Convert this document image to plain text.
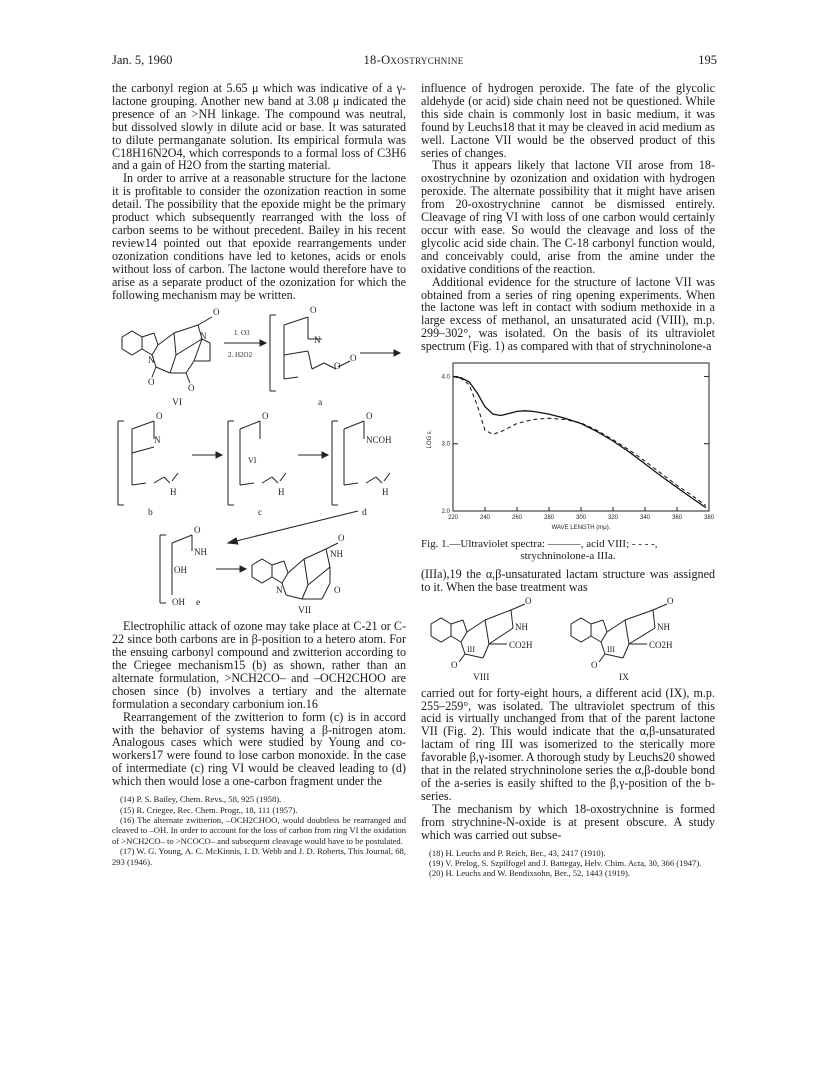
Jan. 5, 1960	18-Oxostrychnine	195

the carbonyl region at 5.65 μ which was indicative of a γ-lactone grouping. Another new band at 3.08 μ indicated the presence of an >NH linkage. The compound was neutral, but dissolved slowly in dilute acid or base. It was saturated to dilute permanganate solution. Its empirical formula was C18H16N2O4, which corresponds to a formal loss of C3H6 and a gain of H2O from the starting material.

In order to arrive at a reasonable structure for the lactone it is profitable to consider the ozonization reaction in some detail. The possibility that the epoxide might be the primary product which subsequently rearranged with the loss of carbon seems to be without precedent. Bailey in his recent review14 pointed out that epoxide rearrangements under ozonization conditions have led to ketones, acids or enols without loss of carbon. The lactone would therefore have to arise as a separate product of the ozonization for which the following mechanism may be written.

O
N
N
O
O
1. O3
2. H2O2
O
N
O
O
O
N
H
O
VI
H
O
NCOH
H
O
NH
OH
OH
O
NH
N	O
VI	a
b	c	d
e
VII

Electrophilic attack of ozone may take place at C-21 or C-22 since both carbons are in β-position to a hetero atom. For the ensuing carbonyl compound and zwitterion according to the Criegee mechanism15 (b) as shown, rather than an alternate formulation, >NCH2CO– and –OCH2CHOO are chosen since (b) involves a tertiary and the alternate formulation a secondary carbonium ion.16

Rearrangement of the zwitterion to form (c) is in accord with the behavior of systems having a β-nitrogen atom. Analogous cases which were studied by Young and co-workers17 were found to lose carbon monoxide. In the case of intermediate (c) ring VI would be cleaved leading to (d) which then would lose a one-carbon fragment under the

(14) P. S. Bailey, Chem. Revs., 58, 925 (1958).
(15) R. Criegee, Rec. Chem. Progr., 18, 111 (1957).
(16) The alternate zwitterion, –OCH2CHOO, would doubtless be rearranged and cleaved to –OH. In order to account for the loss of carbon from ring VI the oxidation of >NCH2CO– to >NCOCO– and subsequent cleavage would have to be postulated.
(17) W. G. Young, A. C. McKinnis, I. D. Webb and J. D. Roberts, This Journal, 68, 293 (1946).

influence of hydrogen peroxide. The fate of the glycolic aldehyde (or acid) side chain need not be questioned. While this side chain is commonly lost in basic medium, it was found by Leuchs18 that it may be cleaved in acid medium as well. Lactone VII would be the observed product of this series of changes.

Thus it appears likely that lactone VII arose from 18-oxostrychnine by ozonization and oxidation with hydrogen peroxide. The alternate possibility that it might have arisen from 20-oxostrychnine cannot be dismissed entirely. Cleavage of ring VI with loss of one carbon would certainly occur with ease. So would the cleavage and loss of the glycolic acid side chain. The C-18 carbonyl function would, and conceivably could, arise from the amine under the oxidative conditions of the reaction.

Additional evidence for the structure of lactone VII was obtained from a series of ring opening experiments. When the lactone was left in contact with sodium methoxide in a large excess of methanol, an unsaturated acid (VIII), m.p. 299–302°, was isolated. On the basis of its ultraviolet spectrum (Fig. 1) as compared with that of strychninolone-a

220	240	260	280	300	320	340	360	380
4.0
3.0
2.0
LOG ε.
WAVE LENGTH (mμ).

Fig. 1.—Ultraviolet spectra: ———, acid VIII; - - - -,
strychninolone-a IIIa.

(IIIa),19 the α,β-unsaturated lactam structure was assigned to it. When the base treatment was

O
NH
III	CO2H
O
O
NH
III	CO2H
O
VIII	IX

carried out for forty-eight hours, a different acid (IX), m.p. 255–259°, was isolated. The ultraviolet spectrum of this acid is virtually unchanged from that of the parent lactone VII (Fig. 2). This would indicate that the α,β-unsaturated lactam of ring III was isomerized to the sterically more favorable β,γ-isomer. A thorough study by Leuchs20 showed that in the related strychninolone series the α,β-double bond of the a-series is easily shifted to the β,γ-position of the b-series.

The mechanism by which 18-oxostrychnine is formed from strychnine-N-oxide is at present obscure. A study which was carried out subse-

(18) H. Leuchs and P. Reich, Ber., 43, 2417 (1910).
(19) V. Prelog, S. Szpilfogel and J. Battegay, Helv. Chim. Acta, 30, 366 (1947).
(20) H. Leuchs and W. Bendixsohn, Ber., 52, 1443 (1919).
